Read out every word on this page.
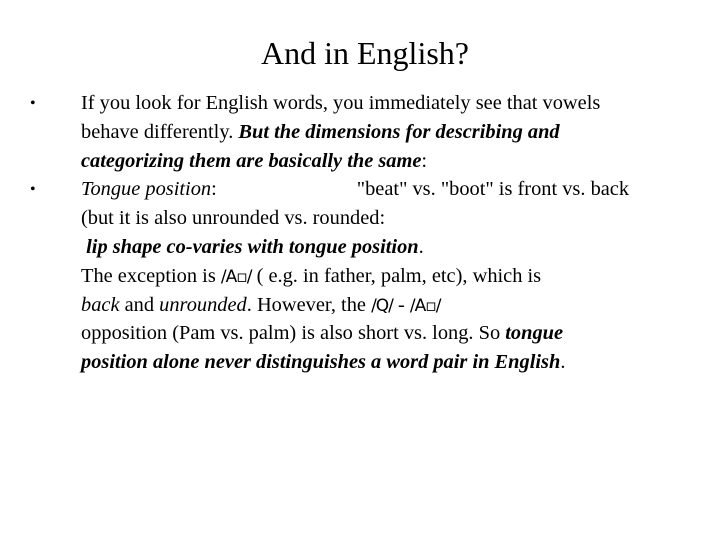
And in English?
•
•
If you look for English words, you immediately see that vowels
behave differently. But the dimensions for describing and
categorizing them are basically the same:
Tongue position:	"beat" vs. "boot" is front vs. back
(but it is also unrounded vs. rounded:
lip shape co-varies with tongue position.
The exception is /A▫/ ( e.g. in father, palm, etc), which is
back and unrounded. However, the /Q/ - /A▫/
opposition (Pam vs. palm) is also short vs. long. So tongue
position alone never distinguishes a word pair in English.
